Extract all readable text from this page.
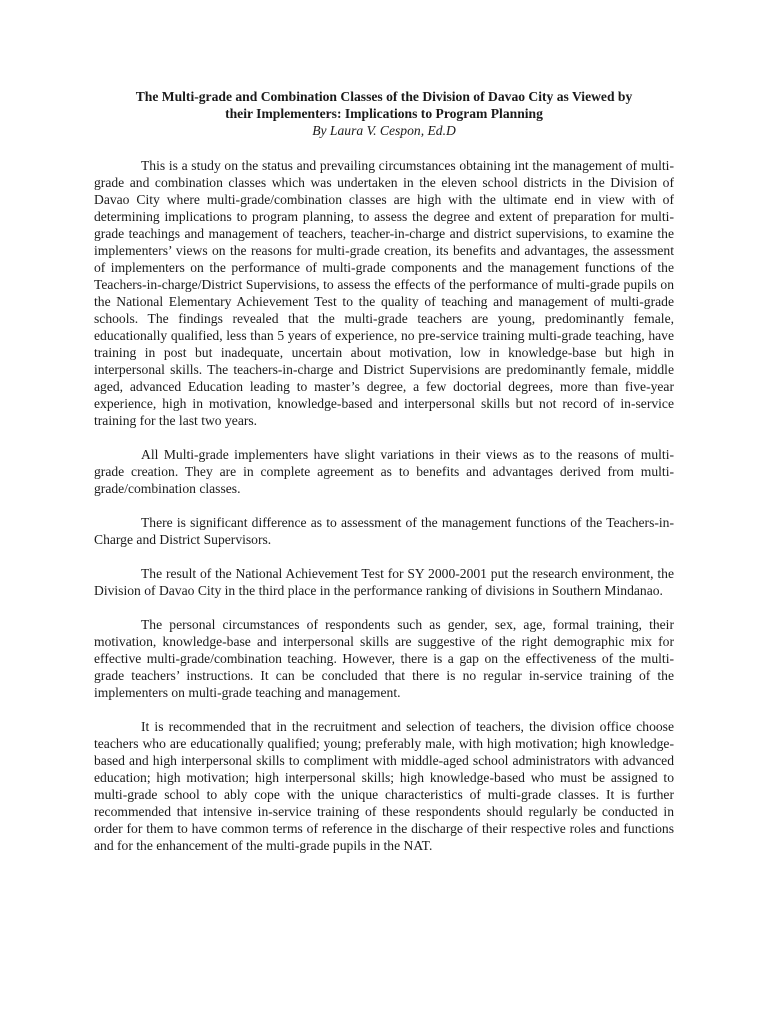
The Multi-grade and Combination Classes of the Division of Davao City as Viewed by
their Implementers: Implications to Program Planning
By Laura V. Cespon, Ed.D

This is a study on the status and prevailing circumstances obtaining int the management of multi-grade and combination classes which was undertaken in the eleven school districts in the Division of Davao City where multi-grade/combination classes are high with the ultimate end in view with of determining implications to program planning, to assess the degree and extent of preparation for multi-grade teachings and management of teachers, teacher-in-charge and district supervisions, to examine the implementers’ views on the reasons for multi-grade creation, its benefits and advantages, the assessment of implementers on the performance of multi-grade components and the management functions of the Teachers-in-charge/District Supervisions, to assess the effects of the performance of multi-grade pupils on the National Elementary Achievement Test to the quality of teaching and management of multi-grade schools. The findings revealed that the multi-grade teachers are young, predominantly female, educationally qualified, less than 5 years of experience, no pre-service training multi-grade teaching, have training in post but inadequate, uncertain about motivation, low in knowledge-base but high in interpersonal skills. The teachers-in-charge and District Supervisions are predominantly female, middle aged, advanced Education leading to master’s degree, a few doctorial degrees, more than five-year experience, high in motivation, knowledge-based and interpersonal skills but not record of in-service training for the last two years.

All Multi-grade implementers have slight variations in their views as to the reasons of multi-grade creation. They are in complete agreement as to benefits and advantages derived from multi-grade/combination classes.

There is significant difference as to assessment of the management functions of the Teachers-in-Charge and District Supervisors.

The result of the National Achievement Test for SY 2000-2001 put the research environment, the Division of Davao City in the third place in the performance ranking of divisions in Southern Mindanao.

The personal circumstances of respondents such as gender, sex, age, formal training, their motivation, knowledge-base and interpersonal skills are suggestive of the right demographic mix for effective multi-grade/combination teaching. However, there is a gap on the effectiveness of the multi-grade teachers’ instructions. It can be concluded that there is no regular in-service training of the implementers on multi-grade teaching and management.

It is recommended that in the recruitment and selection of teachers, the division office choose teachers who are educationally qualified; young; preferably male, with high motivation; high knowledge-based and high interpersonal skills to compliment with middle-aged school administrators with advanced education; high motivation; high interpersonal skills; high knowledge-based who must be assigned to multi-grade school to ably cope with the unique characteristics of multi-grade classes. It is further recommended that intensive in-service training of these respondents should regularly be conducted in order for them to have common terms of reference in the discharge of their respective roles and functions and for the enhancement of the multi-grade pupils in the NAT.
